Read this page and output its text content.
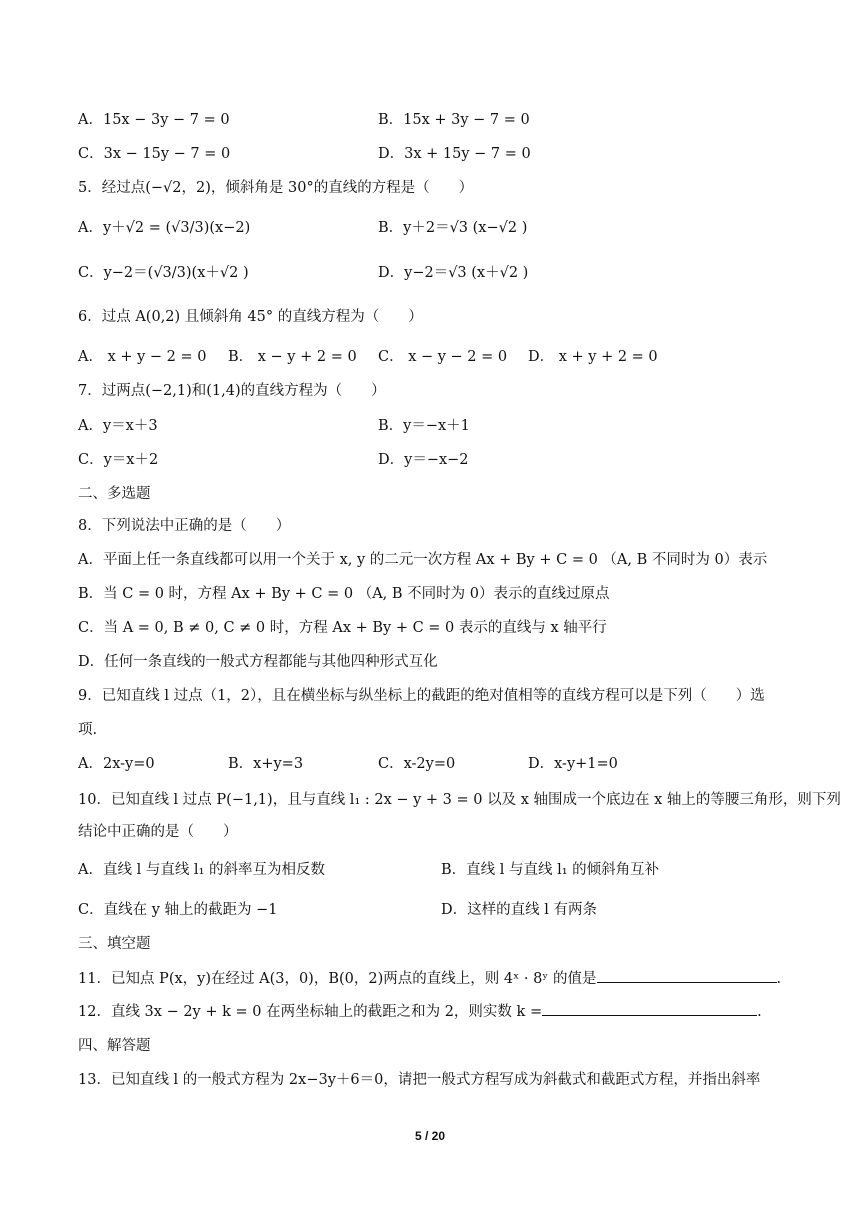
A．15x − 3y − 7 = 0	B．15x + 3y − 7 = 0
C．3x − 15y − 7 = 0	D．3x + 15y − 7 = 0
5．经过点(−√2，2)，倾斜角是 30°的直线的方程是（　　）
A．y＋√2 = (√3/3)(x−2)	B．y＋2＝√3 (x−√2 )
C．y−2＝(√3/3)(x＋√2 )	D．y−2＝√3 (x＋√2 )
6．过点 A(0,2) 且倾斜角 45° 的直线方程为（　　）
A． x + y − 2 = 0 B． x − y + 2 = 0 C． x − y − 2 = 0 D． x + y + 2 = 0
7．过两点(−2,1)和(1,4)的直线方程为（　　）
A．y＝x＋3	B．y＝−x＋1
C．y＝x＋2	D．y＝−x−2
二、多选题
8．下列说法中正确的是（　　）
A．平面上任一条直线都可以用一个关于 x, y 的二元一次方程 Ax + By + C = 0 （A, B 不同时为 0）表示
B．当 C = 0 时，方程 Ax + By + C = 0 （A, B 不同时为 0）表示的直线过原点
C．当 A = 0, B ≠ 0, C ≠ 0 时，方程 Ax + By + C = 0 表示的直线与 x 轴平行
D．任何一条直线的一般式方程都能与其他四种形式互化
9．已知直线 l 过点（1，2），且在横坐标与纵坐标上的截距的绝对值相等的直线方程可以是下列（　　）选
项.
A．2x-y=0	B．x+y=3	C．x-2y=0	D．x-y+1=0
10．已知直线 l 过点 P(−1,1)，且与直线 l₁ : 2x − y + 3 = 0 以及 x 轴围成一个底边在 x 轴上的等腰三角形，则下列
结论中正确的是（　　）
A．直线 l 与直线 l₁ 的斜率互为相反数	B．直线 l 与直线 l₁ 的倾斜角互补
C．直线在 y 轴上的截距为 −1	D．这样的直线 l 有两条
三、填空题
11．已知点 P(x，y)在经过 A(3，0)，B(0，2)两点的直线上，则 4ˣ · 8ʸ 的值是	.
12．直线 3x − 2y + k = 0 在两坐标轴上的截距之和为 2，则实数 k =	.
四、解答题
13．已知直线 l 的一般式方程为 2x−3y＋6＝0，请把一般式方程写成为斜截式和截距式方程，并指出斜率
5 / 20
